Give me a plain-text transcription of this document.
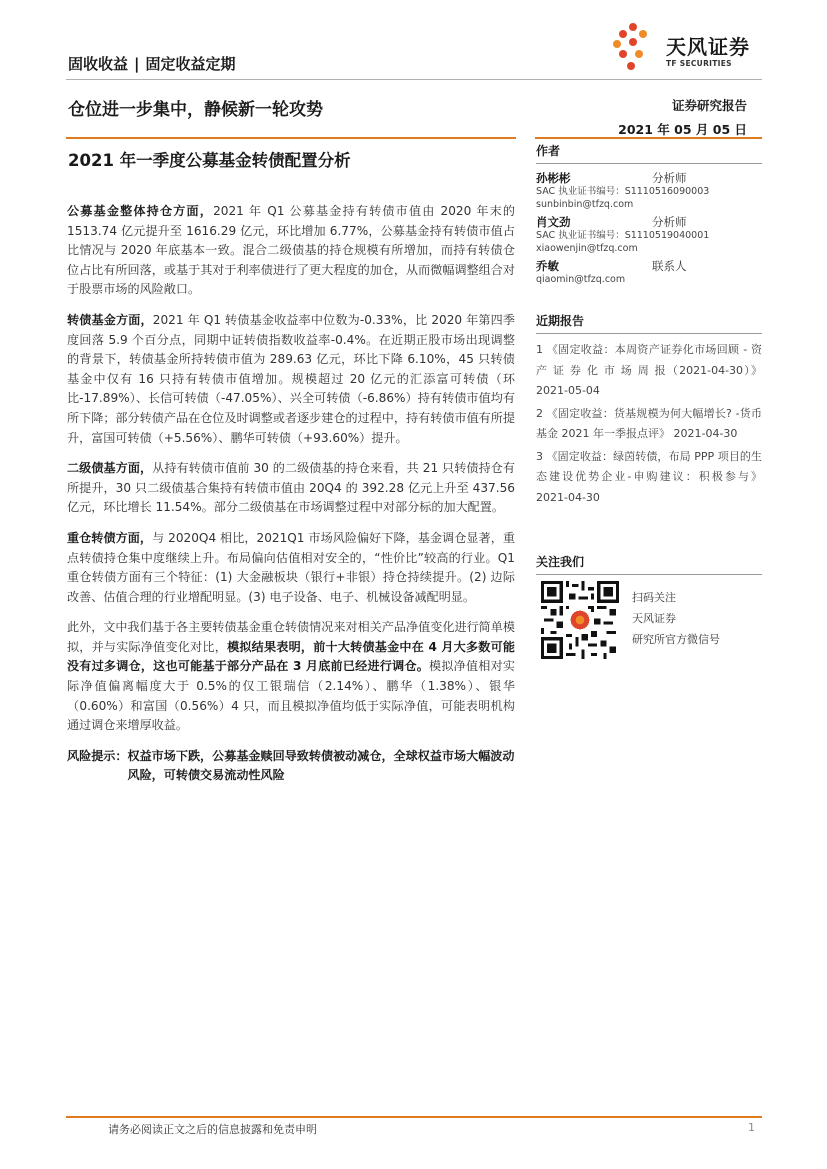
固收收益 | 固定收益定期
天风证券
TF SECURITIES
仓位进一步集中，静候新一轮攻势	证券研究报告
2021 年 05 月 05 日
2021 年一季度公募基金转债配置分析

公募基金整体持仓方面，2021 年 Q1 公募基金持有转债市值由 2020 年末的 1513.74 亿元提升至 1616.29 亿元，环比增加 6.77%，公募基金持有转债市值占比情况与 2020 年底基本一致。混合二级债基的持仓规模有所增加，而持有转债仓位占比有所回落，或基于其对于利率债进行了更大程度的加仓，从而微幅调整组合对于股票市场的风险敞口。

转债基金方面，2021 年 Q1 转债基金收益率中位数为-0.33%，比 2020 年第四季度回落 5.9 个百分点，同期中证转债指数收益率-0.4%。在近期正股市场出现调整的背景下，转债基金所持转债市值为 289.63 亿元，环比下降 6.10%，45 只转债基金中仅有 16 只持有转债市值增加。规模超过 20 亿元的汇添富可转债（环比-17.89%）、长信可转债（-47.05%）、兴全可转债（-6.86%）持有转债市值均有所下降；部分转债产品在仓位及时调整或者逐步建仓的过程中，持有转债市值有所提升，富国可转债（+5.56%）、鹏华可转债（+93.60%）提升。

二级债基方面，从持有转债市值前 30 的二级债基的持仓来看，共 21 只转债持仓有所提升，30 只二级债基合集持有转债市值由 20Q4 的 392.28 亿元上升至 437.56 亿元，环比增长 11.54%。部分二级债基在市场调整过程中对部分标的加大配置。

重仓转债方面，与 2020Q4 相比，2021Q1 市场风险偏好下降，基金调仓显著，重点转债持仓集中度继续上升。布局偏向估值相对安全的，“性价比”较高的行业。Q1 重仓转债方面有三个特征：(1) 大金融板块（银行+非银）持仓持续提升。(2) 边际改善、估值合理的行业增配明显。(3) 电子设备、电子、机械设备减配明显。

此外，文中我们基于各主要转债基金重仓转债情况来对相关产品净值变化进行简单模拟，并与实际净值变化对比，模拟结果表明，前十大转债基金中在 4 月大多数可能没有过多调仓，这也可能基于部分产品在 3 月底前已经进行调仓。模拟净值相对实际净值偏离幅度大于 0.5%的仅工银瑞信（2.14%）、鹏华（1.38%）、银华（0.60%）和富国（0.56%）4 只，而且模拟净值均低于实际净值，可能表明机构通过调仓来增厚收益。

风险提示： 权益市场下跌，公募基金赎回导致转债被动减仓，全球权益市场大幅波动风险，可转债交易流动性风险
作者
孙彬彬	分析师
SAC 执业证书编号：S1110516090003
sunbinbin@tfzq.com
肖文劲	分析师
SAC 执业证书编号：S1110519040001
xiaowenjin@tfzq.com
乔敏	联系人
qiaomin@tfzq.com
近期报告

1 《固定收益：本周资产证券化市场回顾 - 资 产 证 券 化 市 场 周 报（2021-04-30）》 2021-05-04

2 《固定收益：货基规模为何大幅增长? -货币基金 2021 年一季报点评》 2021-04-30

3 《固定收益：绿茵转债，布局 PPP 项目的生态建设优势企业-申购建议：积极参与》 2021-04-30

关注我们
扫码关注
天风证券
研究所官方微信号
请务必阅读正文之后的信息披露和免责申明	1
